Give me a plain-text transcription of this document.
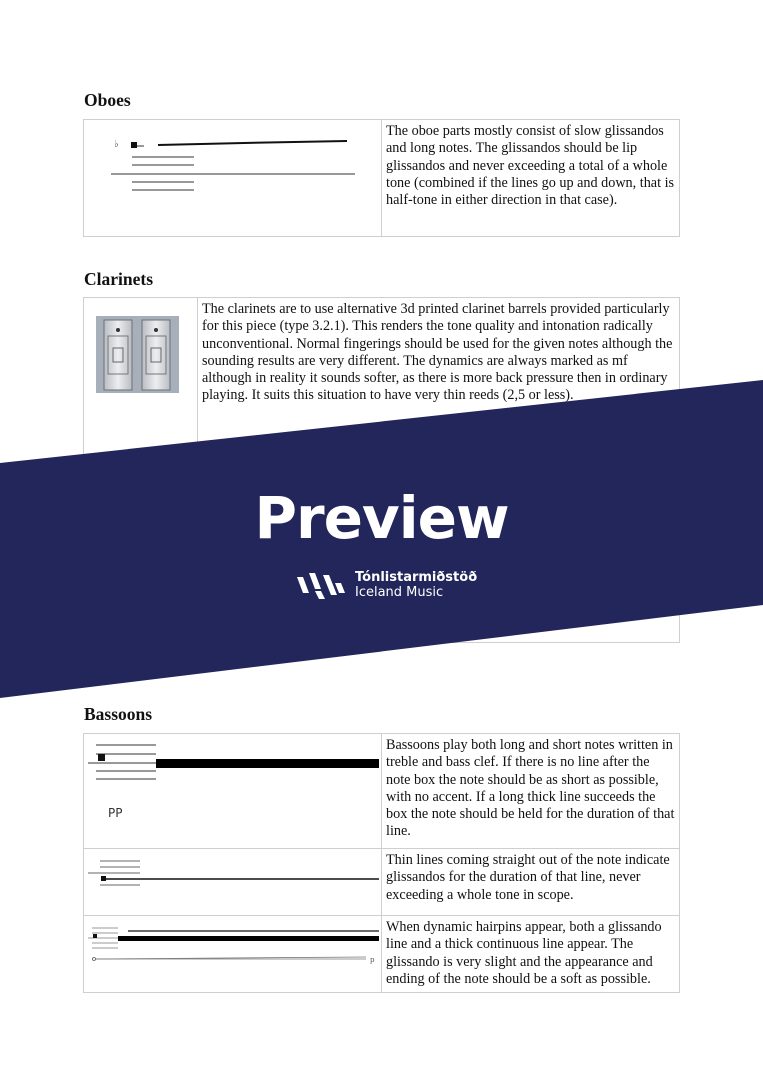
Oboes
♭
	The oboe parts mostly consist of slow glissandos and long notes. The glissandos should be lip glissandos and never exceeding a total of a whole tone (combined if the lines go up and down, that is half-tone in either direction in that case).
Clarinets
	The clarinets are to use alternative 3d printed clarinet barrels provided particularly for this piece (type 3.2.1). This renders the tone quality and intonation radically unconventional. Normal fingerings should be used for the given notes although the sounding results are very different. The dynamics are always marked as mf although in reality it sounds softer, as there is more back pressure then in ordinary playing. It suits this situation to have very thin reeds (2,5 or less).
Preview
Tónlistarmiðstöð
Iceland Music
Bassoons
PP	Bassoons play both long and short notes written in treble and bass clef. If there is no line after the note box the note should be as short as possible, with no accent. If a long thick line succeeds the box the note should be held for the duration of that line.

	Thin lines coming straight out of the note indicate glissandos for the duration of that line, never exceeding a whole tone in scope.

p	When dynamic hairpins appear, both a glissando line and a thick continuous line appear. The glissando is very slight and the appearance and ending of the note should be a soft as possible.
